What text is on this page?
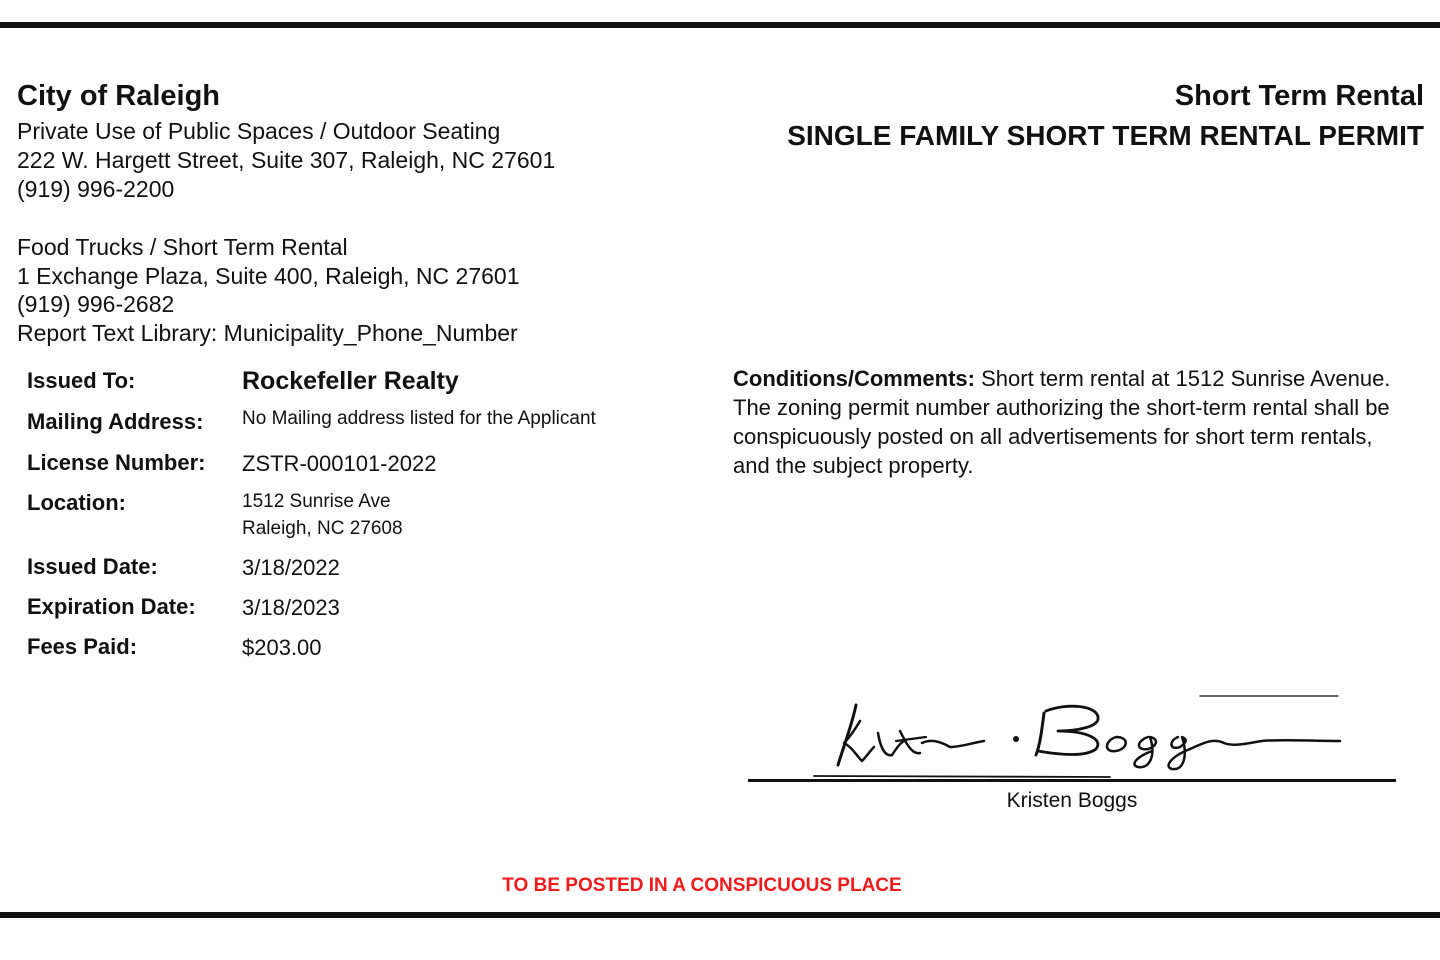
City of Raleigh
Private Use of Public Spaces / Outdoor Seating
222 W. Hargett Street, Suite 307, Raleigh, NC 27601
(919) 996-2200
Food Trucks / Short Term Rental
1 Exchange Plaza, Suite 400, Raleigh, NC 27601
(919) 996-2682
Report Text Library: Municipality_Phone_Number
Short Term Rental
SINGLE FAMILY SHORT TERM RENTAL PERMIT
Issued To:	Rockefeller Realty
Mailing Address: No Mailing address listed for the Applicant
License Number: ZSTR-000101-2022
Location:	1512 Sunrise Ave
Raleigh, NC 27608
Issued Date:	3/18/2022
Expiration Date: 3/18/2023
Fees Paid:	$203.00
Conditions/Comments: Short term rental at 1512 Sunrise Avenue. The zoning permit number authorizing the short-term rental shall be conspicuously posted on all advertisements for short term rentals, and the subject property.
Kristen Boggs
TO BE POSTED IN A CONSPICUOUS PLACE
